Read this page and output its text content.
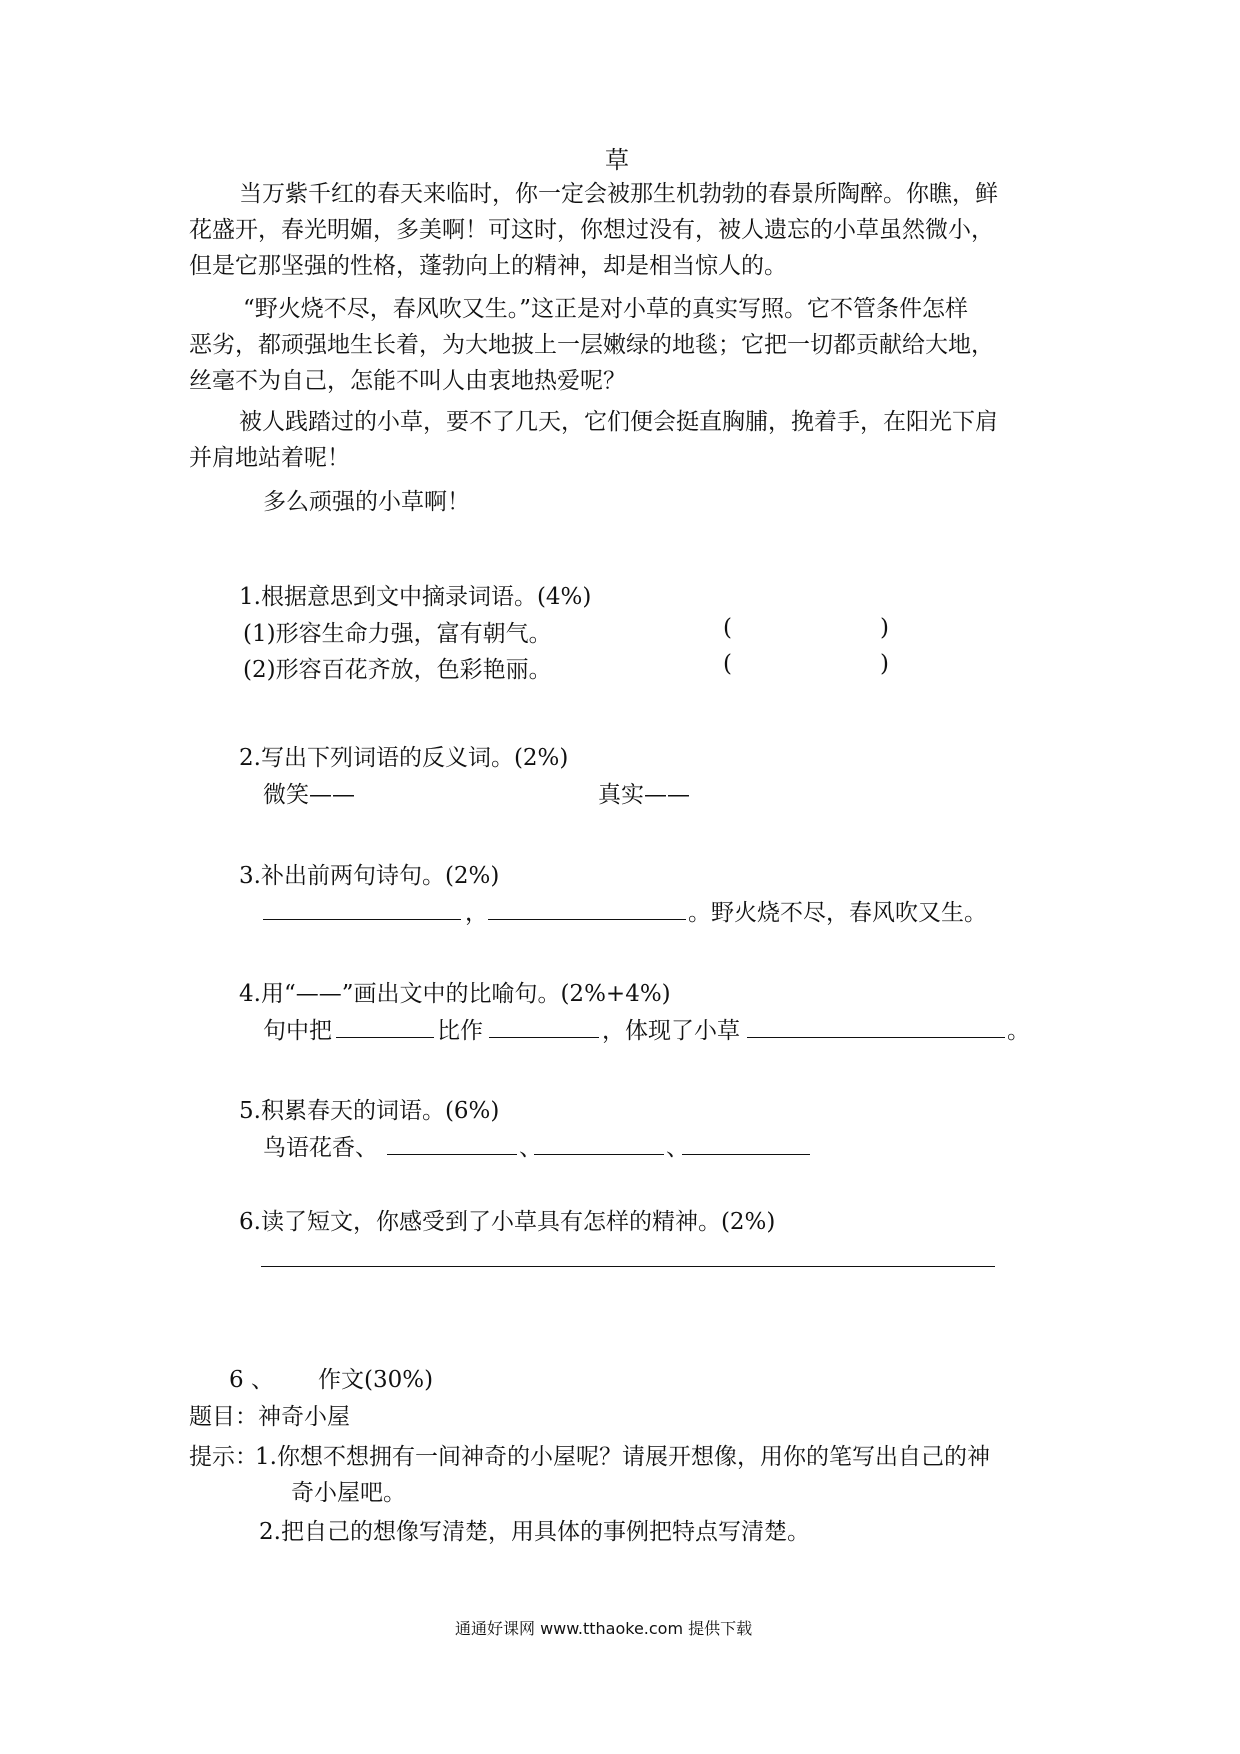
草
当万紫千红的春天来临时，你一定会被那生机勃勃的春景所陶醉。你瞧，鲜
花盛开，春光明媚，多美啊！可这时，你想过没有，被人遗忘的小草虽然微小，
但是它那坚强的性格，蓬勃向上的精神，却是相当惊人的。
“野火烧不尽，春风吹又生。”这正是对小草的真实写照。它不管条件怎样
恶劣，都顽强地生长着，为大地披上一层嫩绿的地毯；它把一切都贡献给大地，
丝毫不为自己，怎能不叫人由衷地热爱呢？
被人践踏过的小草，要不了几天，它们便会挺直胸脯，挽着手，在阳光下肩
并肩地站着呢！
多么顽强的小草啊！
1.根据意思到文中摘录词语。(4%)
(1)形容生命力强，富有朝气。	(	)
(2)形容百花齐放，色彩艳丽。	(	)
2.写出下列词语的反义词。(2%)
微笑——	真实——
3.补出前两句诗句。(2%)
，	。野火烧不尽，春风吹又生。
4.用“——”画出文中的比喻句。(2%+4%)
句中把	比作	，体现了小草	。
5.积累春天的词语。(6%)
鸟语花香、	、	、
6.读了短文，你感受到了小草具有怎样的精神。(2%)
6 、 作文(30%)
题目：神奇小屋
提示：
1.你想不想拥有一间神奇的小屋呢？请展开想像，用你的笔写出自己的神
奇小屋吧。
2.把自己的想像写清楚，用具体的事例把特点写清楚。
通通好课网 www.tthaoke.com 提供下载
